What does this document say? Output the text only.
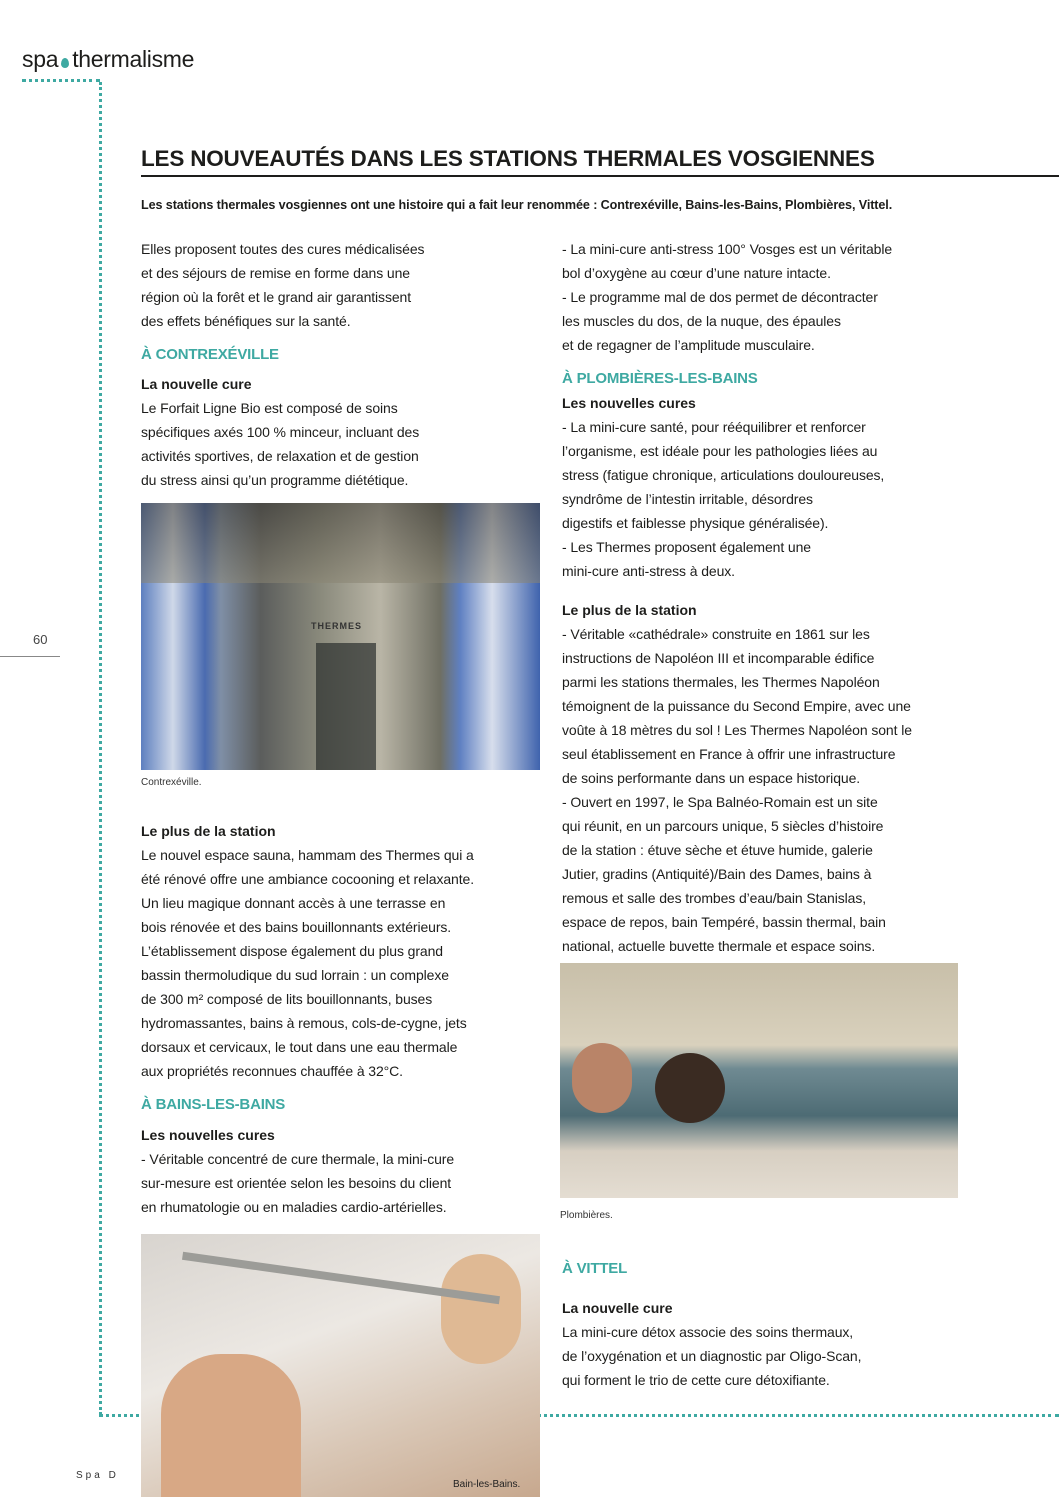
spa thermalisme
60
Spa D
LES NOUVEAUTÉS DANS LES STATIONS THERMALES VOSGIENNES
Les stations thermales vosgiennes ont une histoire qui a fait leur renommée : Contrexéville, Bains-les-Bains, Plombières, Vittel.
Elles proposent toutes des cures médicalisées
et des séjours de remise en forme dans une
région où la forêt et le grand air garantissent
des effets bénéfiques sur la santé.
À CONTREXÉVILLE
La nouvelle cure
Le Forfait Ligne Bio est composé de soins
spécifiques axés 100 % minceur, incluant des
activités sportives, de relaxation et de gestion
du stress ainsi qu’un programme diététique.
THERMES
Contrexéville.
Le plus de la station
Le nouvel espace sauna, hammam des Thermes qui a
été rénové offre une ambiance cocooning et relaxante.
Un lieu magique donnant accès à une terrasse en
bois rénovée et des bains bouillonnants extérieurs.
L’établissement dispose également du plus grand
bassin thermoludique du sud lorrain : un complexe
de 300 m² composé de lits bouillonnants, buses
hydromassantes, bains à remous, cols-de-cygne, jets
dorsaux et cervicaux, le tout dans une eau thermale
aux propriétés reconnues chauffée à 32°C.
À BAINS-LES-BAINS
Les nouvelles cures
- Véritable concentré de cure thermale, la mini-cure
sur-mesure est orientée selon les besoins du client
en rhumatologie ou en maladies cardio-artérielles.
Bain-les-Bains.
- La mini-cure anti-stress 100° Vosges est un véritable
bol d’oxygène au cœur d’une nature intacte.
- Le programme mal de dos permet de décontracter
les muscles du dos, de la nuque, des épaules
et de regagner de l’amplitude musculaire.
À PLOMBIÈRES-LES-BAINS
Les nouvelles cures
- La mini-cure santé, pour rééquilibrer et renforcer
l’organisme, est idéale pour les pathologies liées au
stress (fatigue chronique, articulations douloureuses,
syndrôme de l’intestin irritable, désordres
digestifs et faiblesse physique généralisée).
- Les Thermes proposent également une
mini-cure anti-stress à deux.
Le plus de la station
- Véritable «cathédrale» construite en 1861 sur les
instructions de Napoléon III et incomparable édifice
parmi les stations thermales, les Thermes Napoléon
témoignent de la puissance du Second Empire, avec une
voûte à 18 mètres du sol ! Les Thermes Napoléon sont le
seul établissement en France à offrir une infrastructure
de soins performante dans un espace historique.
- Ouvert en 1997, le Spa Balnéo-Romain est un site
qui réunit, en un parcours unique, 5 siècles d’histoire
de la station : étuve sèche et étuve humide, galerie
Jutier, gradins (Antiquité)/Bain des Dames, bains à
remous et salle des trombes d’eau/bain Stanislas,
espace de repos, bain Tempéré, bassin thermal, bain
national, actuelle buvette thermale et espace soins.
Plombières.
À VITTEL
La nouvelle cure
La mini-cure détox associe des soins thermaux,
de l’oxygénation et un diagnostic par Oligo-Scan,
qui forment le trio de cette cure détoxifiante.
